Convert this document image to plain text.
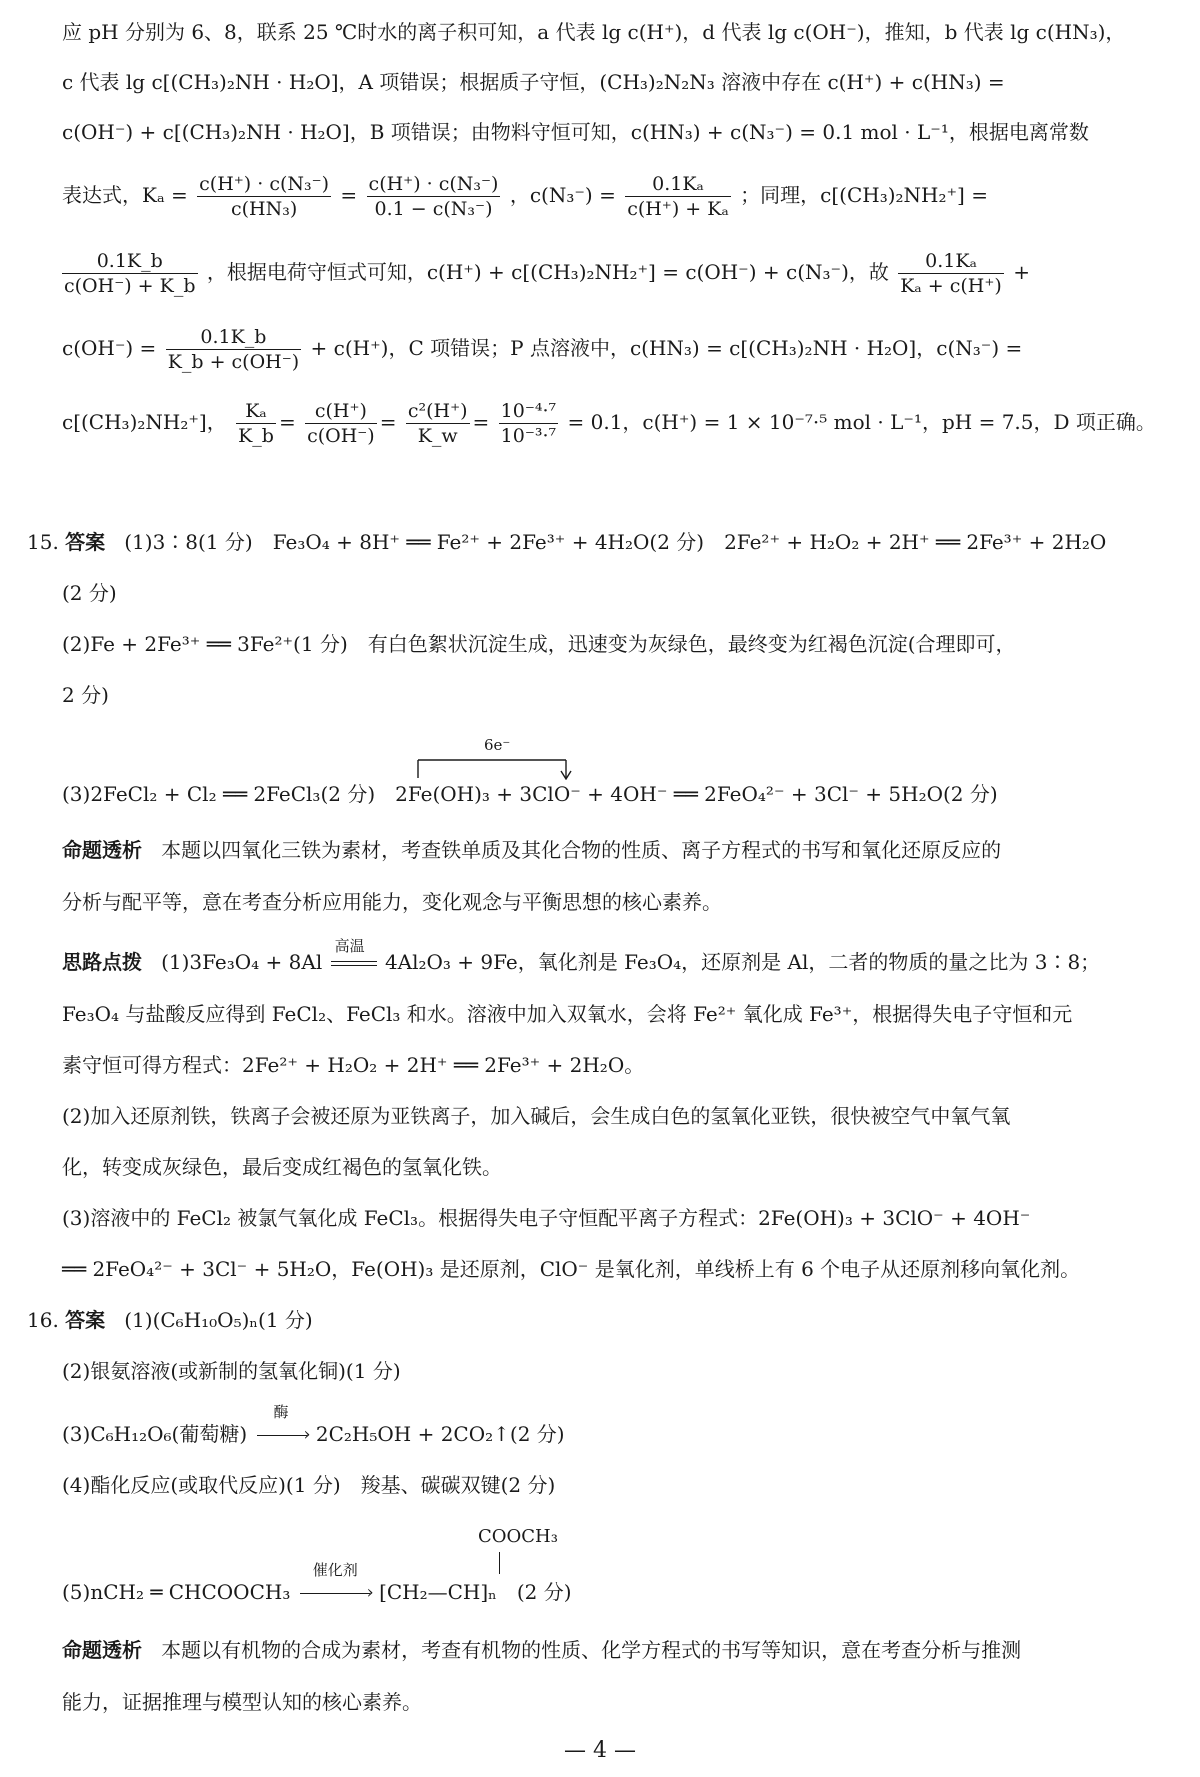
应 pH 分别为 6、8，联系 25 ℃时水的离子积可知，a 代表 lg c(H⁺)，d 代表 lg c(OH⁻)，推知，b 代表 lg c(HN₃)，
c 代表 lg c[(CH₃)₂NH · H₂O]，A 项错误；根据质子守恒，(CH₃)₂N₂N₃ 溶液中存在 c(H⁺) + c(HN₃) =
c(OH⁻) + c[(CH₃)₂NH · H₂O]，B 项错误；由物料守恒可知，c(HN₃) + c(N₃⁻) = 0.1 mol · L⁻¹，根据电离常数
表达式，$K_a = \frac{\text{c(H⁺) · c(N₃⁻)}}{\text{c(HN₃)}} = \frac{\text{c(H⁺) · c(N₃⁻)}}{\text{0.1 − c(N₃⁻)}}$ ，$c(N_3^-) = \frac{\text{0.1Kₐ}}{\text{c(H⁺) + Kₐ}}$ ；同理，c[(CH₃)₂NH₂⁺] =
$\frac{0.1K\_b}{c(OH^-) + K\_b}$ ，根据电荷守恒式可知，c(H⁺) + c[(CH₃)₂NH₂⁺] = c(OH⁻) + c(N₃⁻)，故 $\frac{\text{0.1Kₐ}}{\text{Kₐ + c(H⁺)}}$ +
$c(OH^-) = \frac{0.1K\_b}{K\_b + c(OH^-)} + c(H^+)$，C 项错误；P 点溶液中，c(HN₃) = c[(CH₃)₂NH · H₂O]，c(N₃⁻) =
c[(CH₃)₂NH₂⁺]， $\frac{\text{Kₐ}}{K\_b} = \frac{c(H^+)}{c(OH^-)} = \frac{\text{c²(H⁺)}}{K\_w} = \frac{\text{10⁻⁴·⁷}}{\text{10⁻³·⁷}} = 0.1$，c(H⁺) = 1 × 10⁻⁷·⁵ mol · L⁻¹，pH = 7.5，D 项正确。
15. 答案 (1)3∶8(1 分)　Fe₃O₄ + 8H⁺ ══ Fe²⁺ + 2Fe³⁺ + 4H₂O(2 分)　2Fe²⁺ + H₂O₂ + 2H⁺ ══ 2Fe³⁺ + 2H₂O
(2 分)
(2)Fe + 2Fe³⁺ ══ 3Fe²⁺(1 分)　有白色絮状沉淀生成，迅速变为灰绿色，最终变为红褐色沉淀(合理即可，
2 分)
6e⁻
(3)2FeCl₂ + Cl₂ ══ 2FeCl₃(2 分)　2Fe(OH)₃ + 3ClO⁻ + 4OH⁻ ══ 2FeO₄²⁻ + 3Cl⁻ + 5H₂O(2 分)
命题透析 本题以四氧化三铁为素材，考查铁单质及其化合物的性质、离子方程式的书写和氧化还原反应的
分析与配平等，意在考查分析应用能力，变化观念与平衡思想的核心素养。
思路点拨 (1)3Fe₃O₄ + 8Al
高温
4Al₂O₃ + 9Fe，氧化剂是 Fe₃O₄，还原剂是 Al，二者的物质的量之比为 3∶8；
Fe₃O₄ 与盐酸反应得到 FeCl₂、FeCl₃ 和水。溶液中加入双氧水，会将 Fe²⁺ 氧化成 Fe³⁺，根据得失电子守恒和元
素守恒可得方程式：2Fe²⁺ + H₂O₂ + 2H⁺ ══ 2Fe³⁺ + 2H₂O。
(2)加入还原剂铁，铁离子会被还原为亚铁离子，加入碱后，会生成白色的氢氧化亚铁，很快被空气中氧气氧
化，转变成灰绿色，最后变成红褐色的氢氧化铁。
(3)溶液中的 FeCl₂ 被氯气氧化成 FeCl₃。根据得失电子守恒配平离子方程式：2Fe(OH)₃ + 3ClO⁻ + 4OH⁻
══ 2FeO₄²⁻ + 3Cl⁻ + 5H₂O，Fe(OH)₃ 是还原剂，ClO⁻ 是氧化剂，单线桥上有 6 个电子从还原剂移向氧化剂。
16. 答案 (1)(C₆H₁₀O₅)ₙ(1 分)
(2)银氨溶液(或新制的氢氧化铜)(1 分)
(3)C₆H₁₂O₆(葡萄糖)
酶
› 2C₂H₅OH + 2CO₂↑(2 分)
(4)酯化反应(或取代反应)(1 分)　羧基、碳碳双键(2 分)
COOCH₃
(5)nCH₂ ═ CHCOOCH₃
催化剂
› [CH₂—CH]ₙ　(2 分)
命题透析 本题以有机物的合成为素材，考查有机物的性质、化学方程式的书写等知识，意在考查分析与推测
能力，证据推理与模型认知的核心素养。
— 4 —
